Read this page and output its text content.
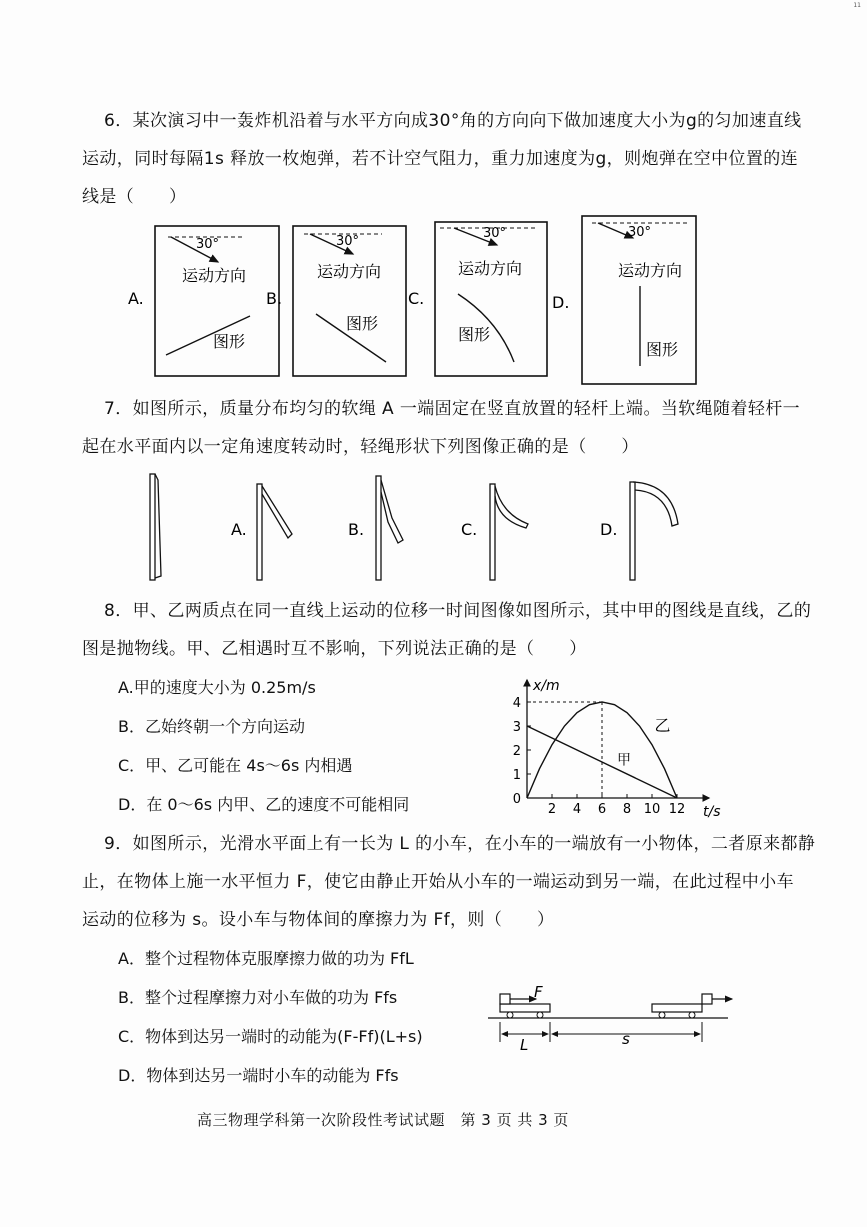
11
6．某次演习中一轰炸机沿着与水平方向成30°角的方向向下做加速度大小为g的匀加速直线
运动，同时每隔1s 释放一枚炮弹，若不计空气阻力，重力加速度为g，则炮弹在空中位置的连
线是（　　）
A.
30°
运动方向
图形
B.
30°
运动方向
图形
C.
30°
运动方向
图形
D.
30°
运动方向
图形
7．如图所示，质量分布均匀的软绳 A 一端固定在竖直放置的轻杆上端。当软绳随着轻杆一
起在水平面内以一定角速度转动时，轻绳形状下列图像正确的是（　　）
A.	B.	C.	D.
8．甲、乙两质点在同一直线上运动的位移一时间图像如图所示，其中甲的图线是直线，乙的
图是抛物线。甲、乙相遇时互不影响，下列说法正确的是（　　）
A.甲的速度大小为 0.25m/s
B．乙始终朝一个方向运动
C．甲、乙可能在 4s～6s 内相遇
D．在 0～6s 内甲、乙的速度不可能相同
x/m
t/s
2 4 6 8 10 12
0
1
2
3
4
甲
乙
9．如图所示，光滑水平面上有一长为 L 的小车，在小车的一端放有一小物体，二者原来都静
止，在物体上施一水平恒力 F，使它由静止开始从小车的一端运动到另一端，在此过程中小车
运动的位移为 s。设小车与物体间的摩擦力为 Ff，则（　　）
A．整个过程物体克服摩擦力做的功为 FfL
B．整个过程摩擦力对小车做的功为 Ffs
C．物体到达另一端时的动能为(F-Ff)(L+s)
D．物体到达另一端时小车的动能为 Ffs
F
L	s
高三物理学科第一次阶段性考试试题　第 3 页 共 3 页
